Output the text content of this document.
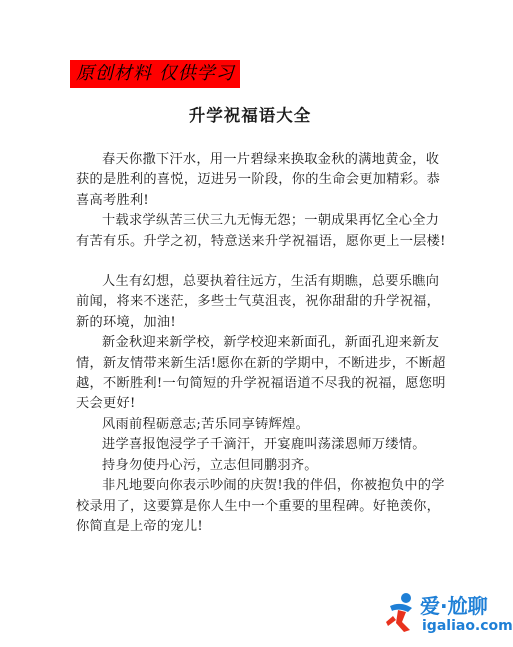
原创材料 仅供学习
升学祝福语大全

春天你撒下汗水，用一片碧绿来换取金秋的满地黄金，收获的是胜利的喜悦，迈进另一阶段，你的生命会更加精彩。恭喜高考胜利!

十载求学纵苦三伏三九无悔无怨；一朝成果再忆全心全力有苦有乐。升学之初，特意送来升学祝福语，愿你更上一层楼!

人生有幻想，总要执着往远方，生活有期瞧，总要乐瞧向前闻，将来不迷茫，多些士气莫沮丧，祝你甜甜的升学祝福，新的环境，加油!

新金秋迎来新学校，新学校迎来新面孔，新面孔迎来新友情，新友情带来新生活!愿你在新的学期中，不断进步，不断超越，不断胜利!一句简短的升学祝福语道不尽我的祝福，愿您明天会更好!

风雨前程砺意志;苦乐同享铸辉煌。

进学喜报饱浸学子千滴汗，开宴鹿叫荡漾恩师万缕情。

持身勿使丹心污，立志但同鹏羽齐。

非凡地要向你表示吵闹的庆贺!我的伴侣，你被抱负中的学校录用了，这要算是你人生中一个重要的里程碑。好艳羡你，你简直是上帝的宠儿!

爱·尬聊
igaliao.com
